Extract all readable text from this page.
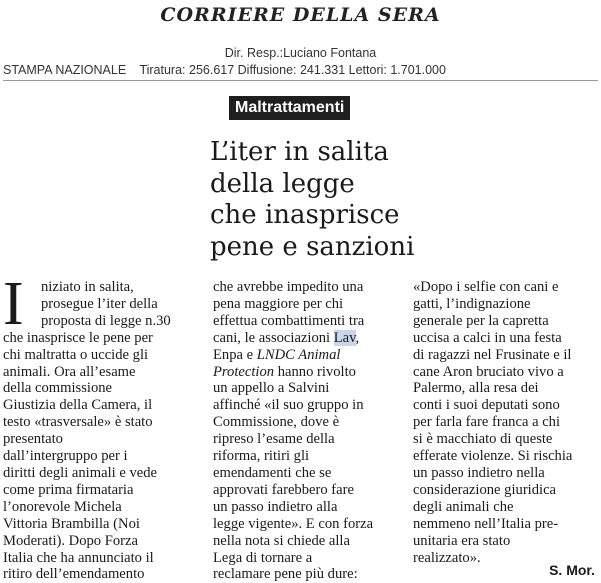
CORRIERE DELLA SERA
Dir. Resp.:Luciano Fontana
STAMPA NAZIONALE Tiratura: 256.617 Diffusione: 241.331 Lettori: 1.701.000
Maltrattamenti
L’iter in salita
della legge
che inasprisce
pene e sanzioni
I	niziato in salita,
prosegue l’iter della
proposta di legge n.30
che inasprisce le pene per
chi maltratta o uccide gli
animali. Ora all’esame
della commissione
Giustizia della Camera, il
testo «trasversale» è stato
presentato
dall’intergruppo per i
diritti degli animali e vede
come prima firmataria
l’onorevole Michela
Vittoria Brambilla (Noi
Moderati). Dopo Forza
Italia che ha annunciato il
ritiro dell’emendamento
che avrebbe impedito una
pena maggiore per chi
effettua combattimenti tra
cani, le associazioni Lav,
Enpa e LNDC Animal
Protection hanno rivolto
un appello a Salvini
affinché «il suo gruppo in
Commissione, dove è
ripreso l’esame della
riforma, ritiri gli
emendamenti che se
approvati farebbero fare
un passo indietro alla
legge vigente». E con forza
nella nota si chiede alla
Lega di tornare a
reclamare pene più dure:
«Dopo i selfie con cani e
gatti, l’indignazione
generale per la capretta
uccisa a calci in una festa
di ragazzi nel Frusinate e il
cane Aron bruciato vivo a
Palermo, alla resa dei
conti i suoi deputati sono
per farla fare franca a chi
si è macchiato di queste
efferate violenze. Si rischia
un passo indietro nella
considerazione giuridica
degli animali che
nemmeno nell’Italia pre-
unitaria era stato
realizzato».
S. Mor.
